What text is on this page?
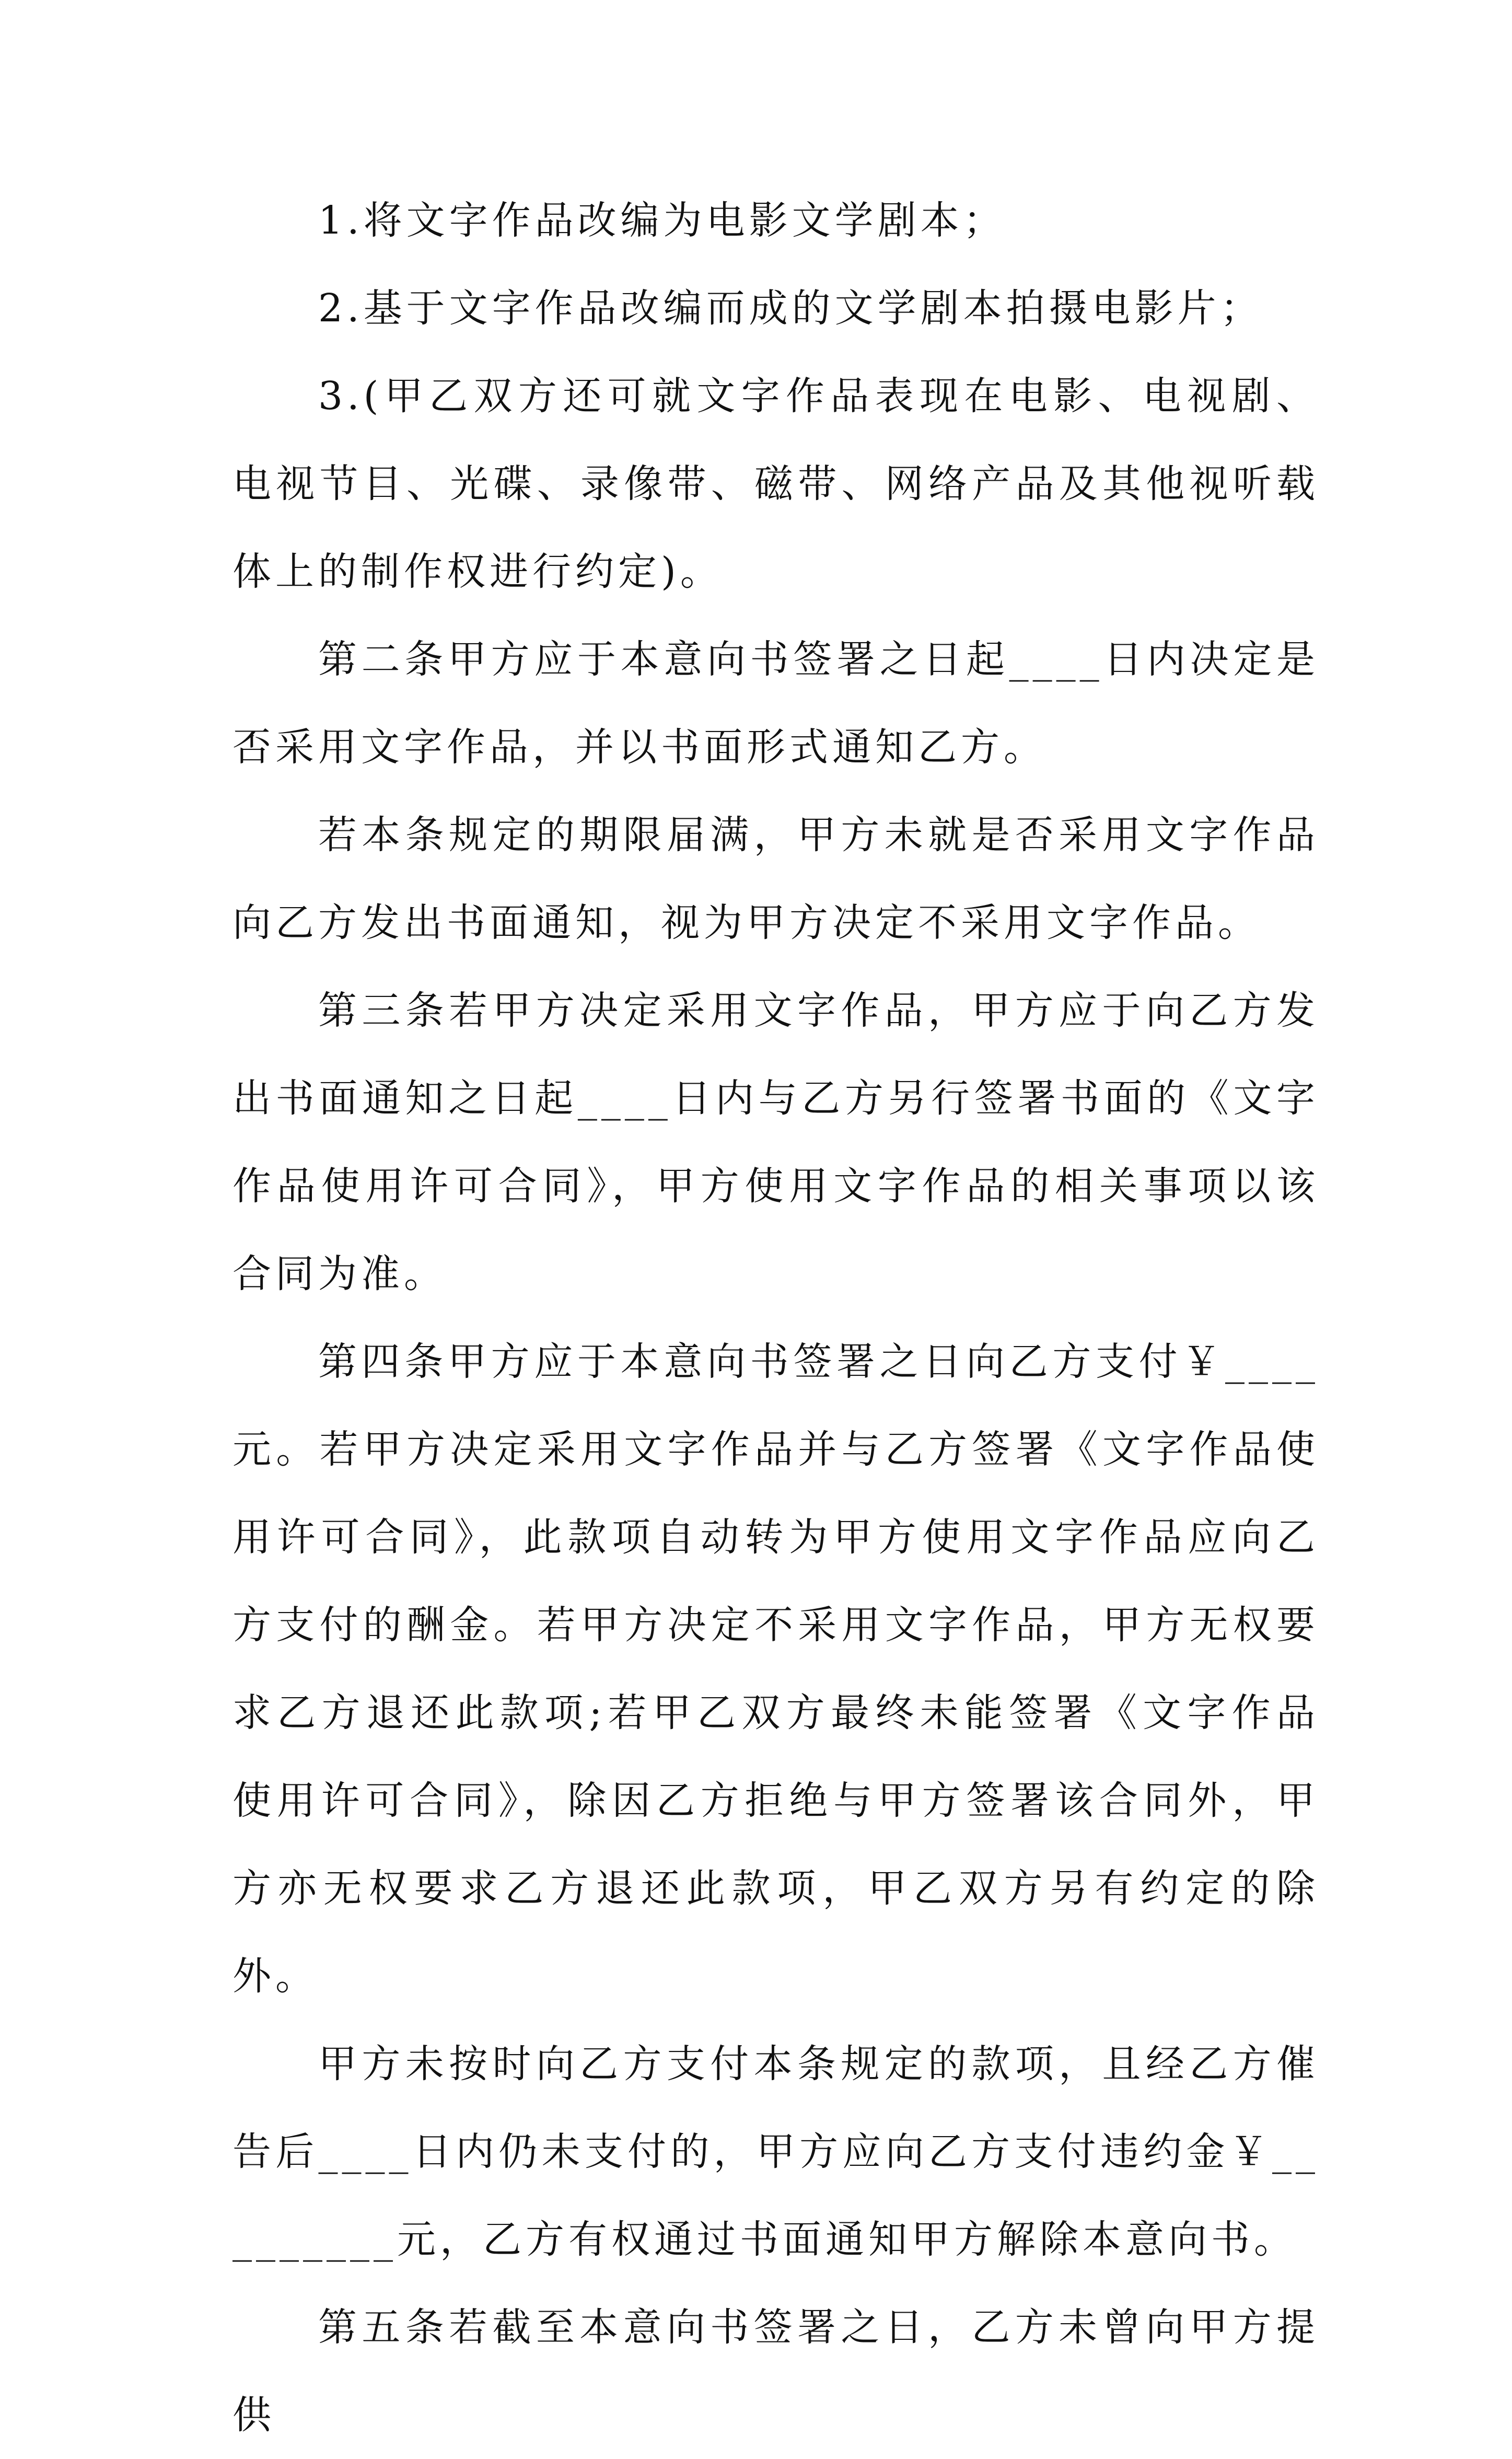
1.将文字作品改编为电影文学剧本；

2.基于文字作品改编而成的文学剧本拍摄电影片；

3.(甲乙双方还可就文字作品表现在电影、电视剧、电视节目、光碟、录像带、磁带、网络产品及其他视听载体上的制作权进行约定)。

第二条甲方应于本意向书签署之日起____日内决定是否采用文字作品，并以书面形式通知乙方。

若本条规定的期限届满，甲方未就是否采用文字作品向乙方发出书面通知，视为甲方决定不采用文字作品。

第三条若甲方决定采用文字作品，甲方应于向乙方发出书面通知之日起____日内与乙方另行签署书面的《文字作品使用许可合同》，甲方使用文字作品的相关事项以该合同为准。

第四条甲方应于本意向书签署之日向乙方支付￥____元。若甲方决定采用文字作品并与乙方签署《文字作品使用许可合同》，此款项自动转为甲方使用文字作品应向乙方支付的酬金。若甲方决定不采用文字作品，甲方无权要求乙方退还此款项;若甲乙双方最终未能签署《文字作品使用许可合同》，除因乙方拒绝与甲方签署该合同外，甲方亦无权要求乙方退还此款项，甲乙双方另有约定的除外。

甲方未按时向乙方支付本条规定的款项，且经乙方催告后____日内仍未支付的，甲方应向乙方支付违约金￥_________元，乙方有权通过书面通知甲方解除本意向书。

第五条若截至本意向书签署之日，乙方未曾向甲方提供
